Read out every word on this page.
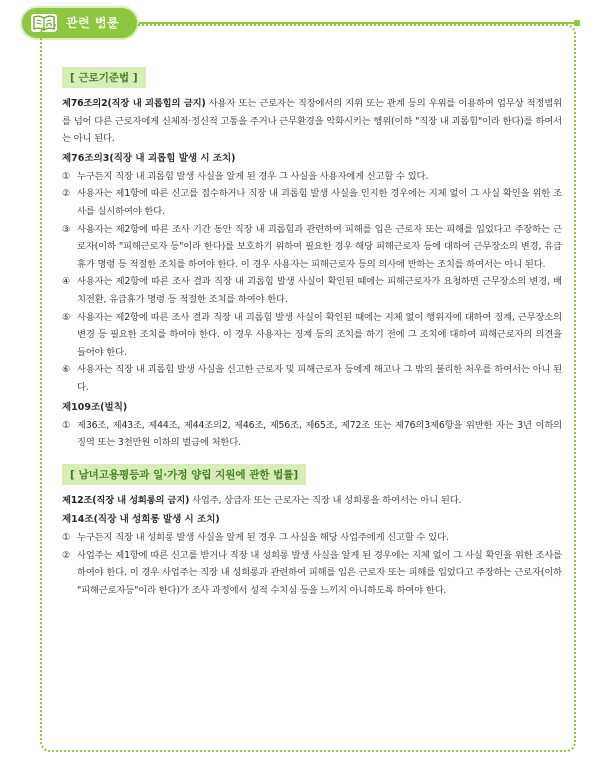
관련 법률
[ 근로기준법 ]
제76조의2(직장 내 괴롭힘의 금지) 사용자 또는 근로자는 직장에서의 지위 또는 관계 등의 우위를 이용하여 업무상 적정범위를 넘어 다른 근로자에게 신체적·정신적 고통을 주거나 근무환경을 악화시키는 행위(이하 "직장 내 괴롭힘"이라 한다)를 하여서는 아니 된다.
제76조의3(직장 내 괴롭힘 발생 시 조치)
① 누구든지 직장 내 괴롭힘 발생 사실을 알게 된 경우 그 사실을 사용자에게 신고할 수 있다.
② 사용자는 제1항에 따른 신고를 접수하거나 직장 내 괴롭힘 발생 사실을 인지한 경우에는 지체 없이 그 사실 확인을 위한 조사를 실시하여야 한다.
③ 사용자는 제2항에 따른 조사 기간 동안 직장 내 괴롭힘과 관련하여 피해를 입은 근로자 또는 피해를 입었다고 주장하는 근로자(이하 "피해근로자 등"이라 한다)를 보호하기 위하여 필요한 경우 해당 피해근로자 등에 대하여 근무장소의 변경, 유급휴가 명령 등 적절한 조치를 하여야 한다. 이 경우 사용자는 피해근로자 등의 의사에 반하는 조치를 하여서는 아니 된다.
④ 사용자는 제2항에 따른 조사 결과 직장 내 괴롭힘 발생 사실이 확인된 때에는 피해근로자가 요청하면 근무장소의 변경, 배치전환, 유급휴가 명령 등 적절한 조치를 하여야 한다.
⑤ 사용자는 제2항에 따른 조사 결과 직장 내 괴롭힘 발생 사실이 확인된 때에는 지체 없이 행위자에 대하여 징계, 근무장소의 변경 등 필요한 조치를 하여야 한다. 이 경우 사용자는 징계 등의 조치를 하기 전에 그 조치에 대하여 피해근로자의 의견을 들어야 한다.
⑥ 사용자는 직장 내 괴롭힘 발생 사실을 신고한 근로자 및 피해근로자 등에게 해고나 그 밖의 불리한 처우를 하여서는 아니 된다.
제109조(벌칙)
① 제36조, 제43조, 제44조, 제44조의2, 제46조, 제56조, 제65조, 제72조 또는 제76의3제6항을 위반한 자는 3년 이하의 징역 또는 3천만원 이하의 벌금에 처한다.
[ 남녀고용평등과 일·가정 양립 지원에 관한 법률]
제12조(직장 내 성희롱의 금지) 사업주, 상급자 또는 근로자는 직장 내 성희롱을 하여서는 아니 된다.
제14조(직장 내 성희롱 발생 시 조치)
① 누구든지 직장 내 성희롱 발생 사실을 알게 된 경우 그 사실을 해당 사업주에게 신고할 수 있다.
② 사업주는 제1항에 따른 신고를 받거나 직장 내 성희롱 발생 사실을 알게 된 경우에는 지체 없이 그 사실 확인을 위한 조사를 하여야 한다. 이 경우 사업주는 직장 내 성희롱과 관련하여 피해를 입은 근로자 또는 피해를 입었다고 주장하는 근로자(이하 "피해근로자등"이라 한다)가 조사 과정에서 성적 수치심 등을 느끼지 아니하도록 하여야 한다.
